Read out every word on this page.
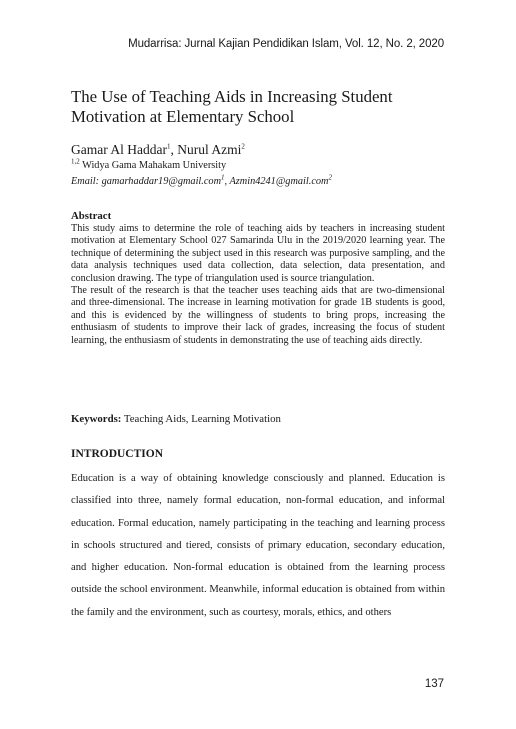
Mudarrisa: Jurnal Kajian Pendidikan Islam, Vol. 12, No. 2, 2020
The Use of Teaching Aids in Increasing Student Motivation at Elementary School
Gamar Al Haddar$^1$, Nurul Azmi$^2$
$^{1,2}$ Widya Gama Mahakam University
Email: gamarhaddar19@gmail.com$^1$, Azmin4241@gmail.com$^2$
Abstract

This study aims to determine the role of teaching aids by teachers in increasing student motivation at Elementary School 027 Samarinda Ulu in the 2019/2020 learning year. The technique of determining the subject used in this research was purposive sampling, and the data analysis techniques used data collection, data selection, data presentation, and conclusion drawing. The type of triangulation used is source triangulation.

The result of the research is that the teacher uses teaching aids that are two-dimensional and three-dimensional. The increase in learning motivation for grade 1B students is good, and this is evidenced by the willingness of students to bring props, increasing the enthusiasm of students to improve their lack of grades, increasing the focus of student learning, the enthusiasm of students in demonstrating the use of teaching aids directly.

Keywords: Teaching Aids, Learning Motivation
INTRODUCTION

Education is a way of obtaining knowledge consciously and planned. Education is classified into three, namely formal education, non-formal education, and informal education. Formal education, namely participating in the teaching and learning process in schools structured and tiered, consists of primary education, secondary education, and higher education. Non-formal education is obtained from the learning process outside the school environment. Meanwhile, informal education is obtained from within the family and the environment, such as courtesy, morals, ethics, and others

137
